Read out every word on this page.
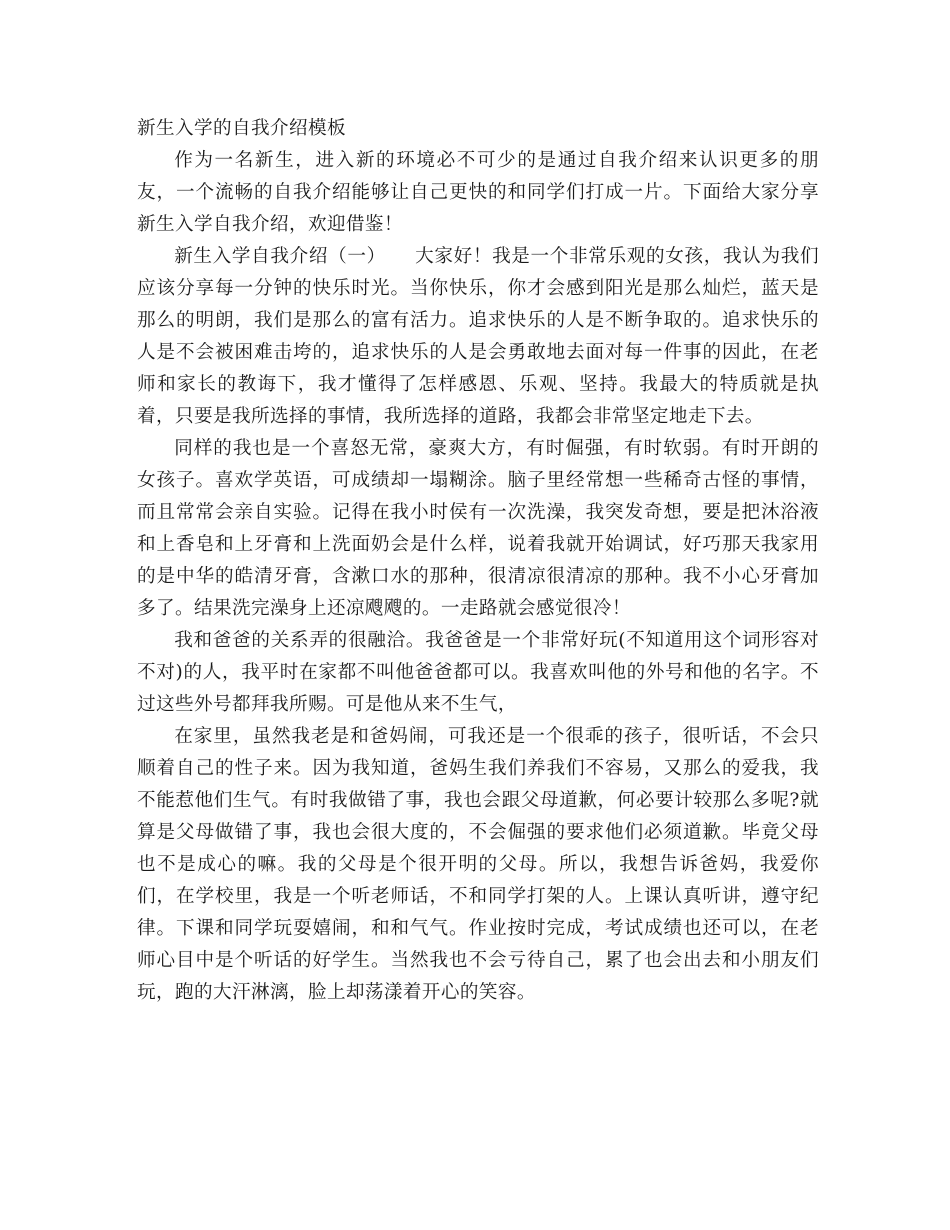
新生入学的自我介绍模板

作为一名新生，进入新的环境必不可少的是通过自我介绍来认识更多的朋友，一个流畅的自我介绍能够让自己更快的和同学们打成一片。下面给大家分享新生入学自我介绍，欢迎借鉴！

新生入学自我介绍（一）　　大家好！我是一个非常乐观的女孩，我认为我们应该分享每一分钟的快乐时光。当你快乐，你才会感到阳光是那么灿烂，蓝天是那么的明朗，我们是那么的富有活力。追求快乐的人是不断争取的。追求快乐的人是不会被困难击垮的，追求快乐的人是会勇敢地去面对每一件事的因此，在老师和家长的教诲下，我才懂得了怎样感恩、乐观、坚持。我最大的特质就是执着，只要是我所选择的事情，我所选择的道路，我都会非常坚定地走下去。

同样的我也是一个喜怒无常，豪爽大方，有时倔强，有时软弱。有时开朗的女孩子。喜欢学英语，可成绩却一塌糊涂。脑子里经常想一些稀奇古怪的事情，而且常常会亲自实验。记得在我小时侯有一次洗澡，我突发奇想，要是把沐浴液和上香皂和上牙膏和上洗面奶会是什么样，说着我就开始调试，好巧那天我家用的是中华的皓清牙膏，含漱口水的那种，很清凉很清凉的那种。我不小心牙膏加多了。结果洗完澡身上还凉飕飕的。一走路就会感觉很冷！

我和爸爸的关系弄的很融洽。我爸爸是一个非常好玩(不知道用这个词形容对不对)的人，我平时在家都不叫他爸爸都可以。我喜欢叫他的外号和他的名字。不过这些外号都拜我所赐。可是他从来不生气，

在家里，虽然我老是和爸妈闹，可我还是一个很乖的孩子，很听话，不会只顺着自己的性子来。因为我知道，爸妈生我们养我们不容易，又那么的爱我，我不能惹他们生气。有时我做错了事，我也会跟父母道歉，何必要计较那么多呢?就算是父母做错了事，我也会很大度的，不会倔强的要求他们必须道歉。毕竟父母也不是成心的嘛。我的父母是个很开明的父母。所以，我想告诉爸妈，我爱你们，在学校里，我是一个听老师话，不和同学打架的人。上课认真听讲，遵守纪律。下课和同学玩耍嬉闹，和和气气。作业按时完成，考试成绩也还可以，在老师心目中是个听话的好学生。当然我也不会亏待自己，累了也会出去和小朋友们玩，跑的大汗淋漓，脸上却荡漾着开心的笑容。
